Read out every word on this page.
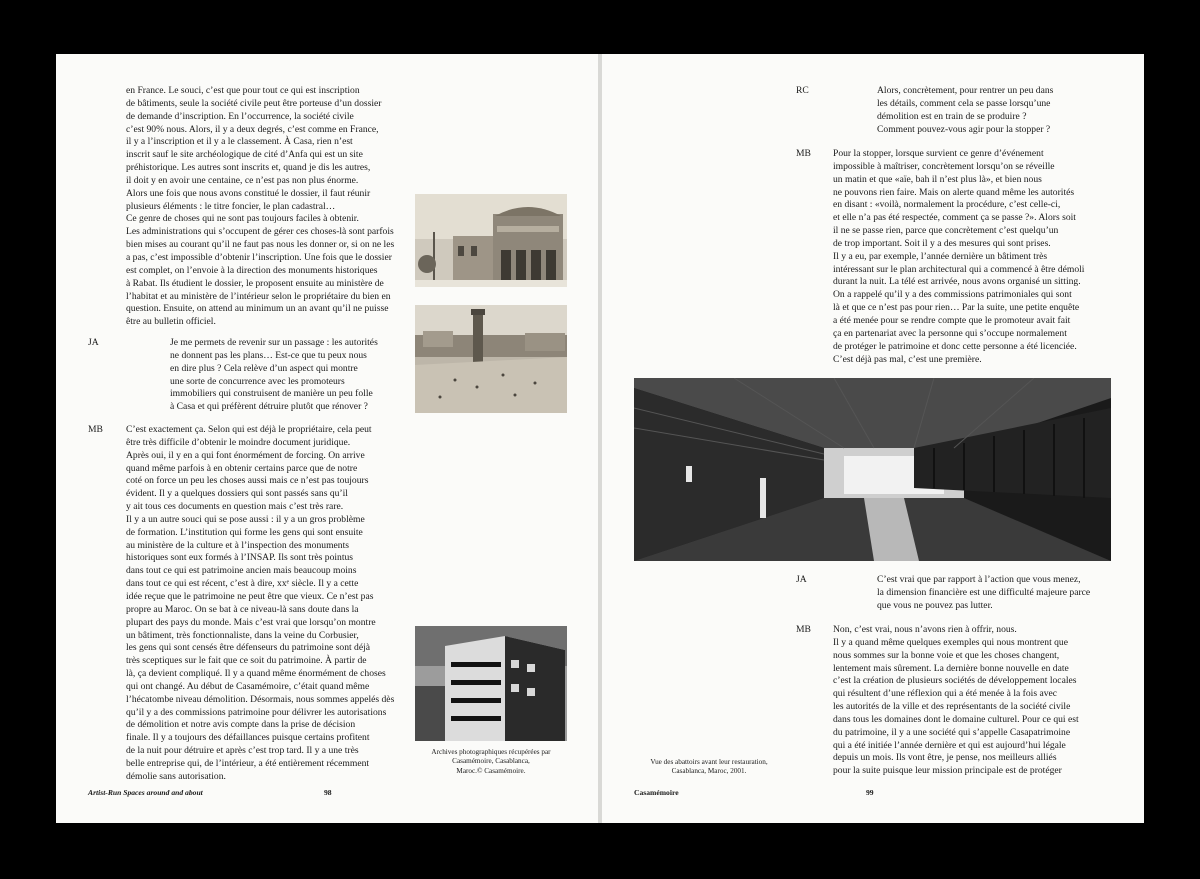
en France. Le souci, c’est que pour tout ce qui est inscription
de bâtiments, seule la société civile peut être porteuse d’un dossier
de demande d’inscription. En l’occurrence, la société civile
c’est 90% nous. Alors, il y a deux degrés, c’est comme en France,
il y a l’inscription et il y a le classement. À Casa, rien n’est
inscrit sauf le site archéologique de cité d’Anfa qui est un site
préhistorique. Les autres sont inscrits et, quand je dis les autres,
il doit y en avoir une centaine, ce n’est pas non plus énorme.
Alors une fois que nous avons constitué le dossier, il faut réunir
plusieurs éléments : le titre foncier, le plan cadastral…
Ce genre de choses qui ne sont pas toujours faciles à obtenir.
Les administrations qui s’occupent de gérer ces choses-là sont parfois
bien mises au courant qu’il ne faut pas nous les donner or, si on ne les
a pas, c’est impossible d’obtenir l’inscription. Une fois que le dossier
est complet, on l’envoie à la direction des monuments historiques
à Rabat. Ils étudient le dossier, le proposent ensuite au ministère de
l’habitat et au ministère de l’intérieur selon le propriétaire du bien en
question. Ensuite, on attend au minimum un an avant qu’il ne puisse
être au bulletin officiel.

JA	Je me permets de revenir sur un passage : les autorités
ne donnent pas les plans… Est-ce que tu peux nous
en dire plus ? Cela relève d’un aspect qui montre
une sorte de concurrence avec les promoteurs
immobiliers qui construisent de manière un peu folle
à Casa et qui préfèrent détruire plutôt que rénover ?

MB C’est exactement ça. Selon qui est déjà le propriétaire, cela peut
être très difficile d’obtenir le moindre document juridique.
Après oui, il y en a qui font énormément de forcing. On arrive
quand même parfois à en obtenir certains parce que de notre
coté on force un peu les choses aussi mais ce n’est pas toujours
évident. Il y a quelques dossiers qui sont passés sans qu’il
y ait tous ces documents en question mais c’est très rare.
Il y a un autre souci qui se pose aussi : il y a un gros problème
de formation. L’institution qui forme les gens qui sont ensuite
au ministère de la culture et à l’inspection des monuments
historiques sont eux formés à l’INSAP. Ils sont très pointus
dans tout ce qui est patrimoine ancien mais beaucoup moins
dans tout ce qui est récent, c’est à dire, xxᵉ siècle. Il y a cette
idée reçue que le patrimoine ne peut être que vieux. Ce n’est pas
propre au Maroc. On se bat à ce niveau-là sans doute dans la
plupart des pays du monde. Mais c’est vrai que lorsqu’on montre
un bâtiment, très fonctionnaliste, dans la veine du Corbusier,
les gens qui sont censés être défenseurs du patrimoine sont déjà
très sceptiques sur le fait que ce soit du patrimoine. À partir de
là, ça devient compliqué. Il y a quand même énormément de choses
qui ont changé. Au début de Casamémoire, c’était quand même
l’hécatombe niveau démolition. Désormais, nous sommes appelés dès
qu’il y a des commissions patrimoine pour délivrer les autorisations
de démolition et notre avis compte dans la prise de décision
finale. Il y a toujours des défaillances puisque certains profitent
de la nuit pour détruire et après c’est trop tard. Il y a une très
belle entreprise qui, de l’intérieur, a été entièrement récemment
démolie sans autorisation.

Archives photographiques récupérées par
Casamémoire, Casablanca,
Maroc.© Casamémoire.
Artist-Run Spaces around and about	98
RC	Alors, concrètement, pour rentrer un peu dans
les détails, comment cela se passe lorsqu’une
démolition est en train de se produire ?
Comment pouvez-vous agir pour la stopper ?

MB Pour la stopper, lorsque survient ce genre d’événement
impossible à maîtriser, concrètement lorsqu’on se réveille
un matin et que «aïe, bah il n’est plus là», et bien nous
ne pouvons rien faire. Mais on alerte quand même les autorités
en disant : «voilà, normalement la procédure, c’est celle-ci,
et elle n’a pas été respectée, comment ça se passe ?». Alors soit
il ne se passe rien, parce que concrètement c’est quelqu’un
de trop important. Soit il y a des mesures qui sont prises.
Il y a eu, par exemple, l’année dernière un bâtiment très
intéressant sur le plan architectural qui a commencé à être démoli
durant la nuit. La télé est arrivée, nous avons organisé un sitting.
On a rappelé qu’il y a des commissions patrimoniales qui sont
là et que ce n’est pas pour rien… Par la suite, une petite enquête
a été menée pour se rendre compte que le promoteur avait fait
ça en partenariat avec la personne qui s’occupe normalement
de protéger le patrimoine et donc cette personne a été licenciée.
C’est déjà pas mal, c’est une première.

Vue des abattoirs avant leur restauration,
Casablanca, Maroc, 2001.
JA	C’est vrai que par rapport à l’action que vous menez,
la dimension financière est une difficulté majeure parce
que vous ne pouvez pas lutter.

MB Non, c’est vrai, nous n’avons rien à offrir, nous.
Il y a quand même quelques exemples qui nous montrent que
nous sommes sur la bonne voie et que les choses changent,
lentement mais sûrement. La dernière bonne nouvelle en date
c’est la création de plusieurs sociétés de développement locales
qui résultent d’une réflexion qui a été menée à la fois avec
les autorités de la ville et des représentants de la société civile
dans tous les domaines dont le domaine culturel. Pour ce qui est
du patrimoine, il y a une société qui s’appelle Casapatrimoine
qui a été initiée l’année dernière et qui est aujourd’hui légale
depuis un mois. Ils vont être, je pense, nos meilleurs alliés
pour la suite puisque leur mission principale est de protéger

Casamémoire	99
